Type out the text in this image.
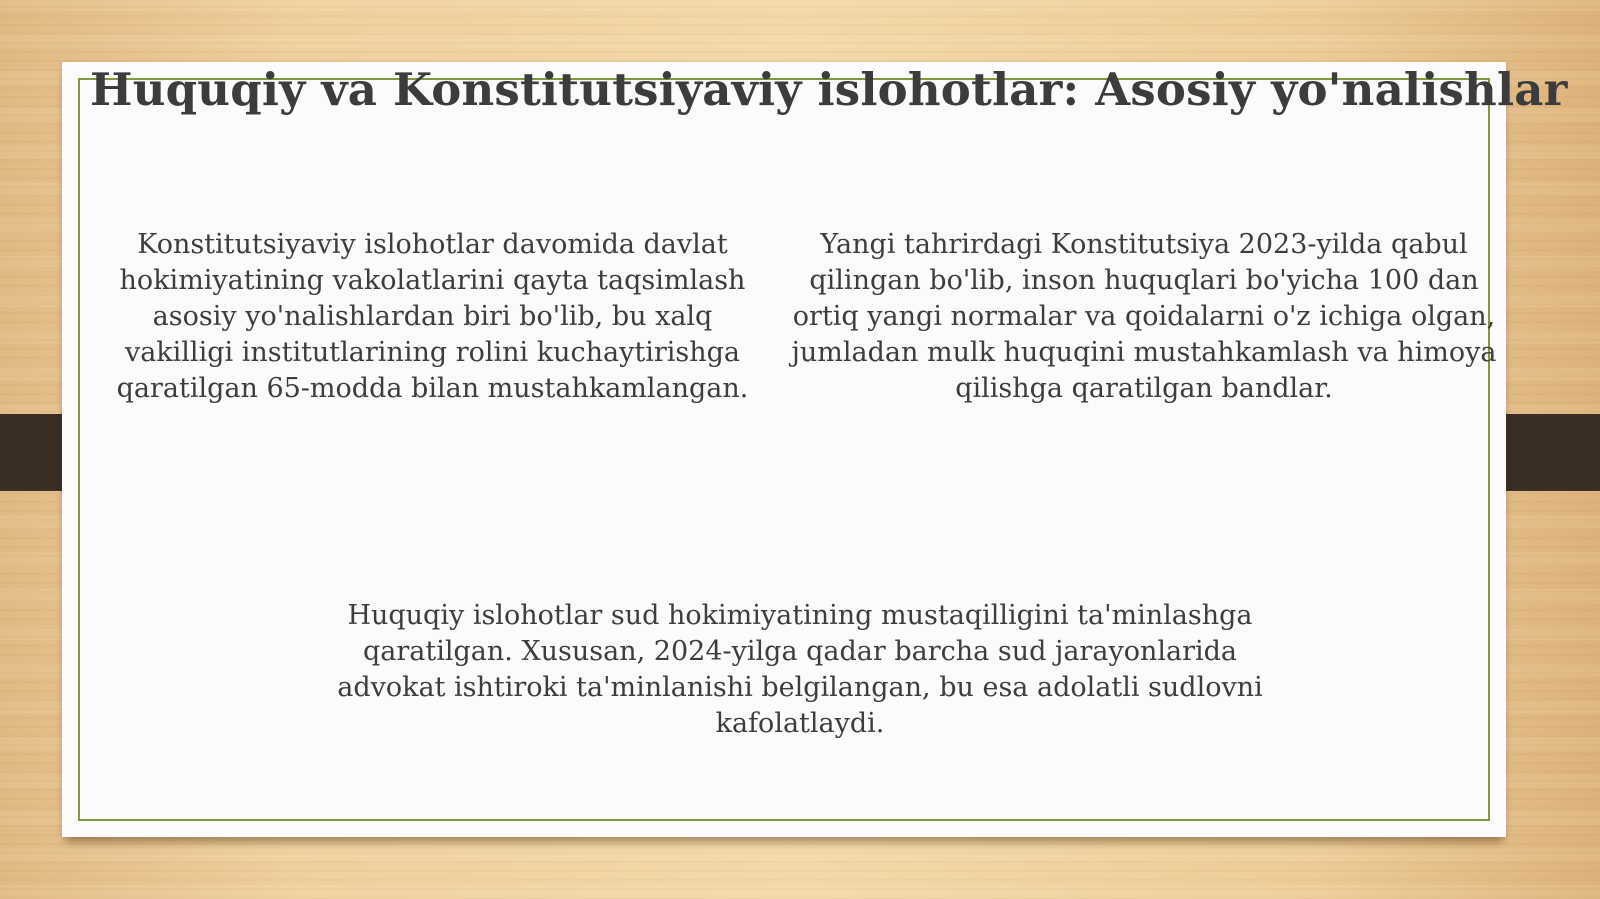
Huquqiy va Konstitutsiyaviy islohotlar: Asosiy yo'nalishlar

Konstitutsiyaviy islohotlar davomida davlat hokimiyatining vakolatlarini qayta taqsimlash asosiy yo'nalishlardan biri bo'lib, bu xalq vakilligi institutlarining rolini kuchaytirishga qaratilgan 65-modda bilan mustahkamlangan.

Yangi tahrirdagi Konstitutsiya 2023-yilda qabul qilingan bo'lib, inson huquqlari bo'yicha 100 dan ortiq yangi normalar va qoidalarni o'z ichiga olgan, jumladan mulk huquqini mustahkamlash va himoya qilishga qaratilgan bandlar.

Huquqiy islohotlar sud hokimiyatining mustaqilligini ta'minlashga qaratilgan. Xususan, 2024-yilga qadar barcha sud jarayonlarida advokat ishtiroki ta'minlanishi belgilangan, bu esa adolatli sudlovni kafolatlaydi.
